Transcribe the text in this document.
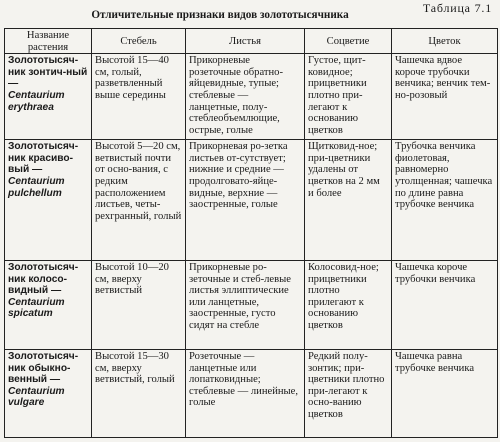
Таблица 7.1
Отличительные признаки видов золототысячника
Название растения	Стебель	Листья	Соцветие	Цветок

Золототысяч-ник зонтич-ный —
Centaurium erythraea	Высотой 15—40 см, голый, разветвленный выше середины	Прикорневые розеточные обратно-яйцевидные, тупые; стеблевые — ланцетные, полу-стеблеобъемлющие, острые, голые	Густое, щит-ковидное; прицветники плотно при-легают к основанию цветков	Чашечка вдвое короче трубочки венчика; венчик тем-но-розовый

Золототысяч-ник красиво-вый —
Centaurium pulchellum	Высотой 5—20 см, ветвистый почти от осно-вания, с редким расположением листьев, четы-рехгранный, голый	Прикорневая ро-зетка листьев от-сутствует; нижние и средние — продолговато-яйце-видные, верхние — заостренные, голые	Щитковид-ное; при-цветники удалены от цветков на 2 мм и более	Трубочка венчика фиолетовая, равномерно утолщенная; чашечка по длине равна трубочке венчика

Золототысяч-ник колосо-видный —
Centaurium spicatum	Высотой 10—20 см, вверху ветвистый	Прикорневые ро-зеточные и стеб-левые листья эллиптические или ланцетные, заостренные, густо сидят на стебле	Колосовид-ное; прицветники плотно прилегают к основанию цветков	Чашечка короче трубочки венчика

Золототысяч-ник обыкно-венный —
Centaurium vulgare	Высотой 15—30 см, вверху ветвистый, голый	Розеточные — ланцетные или лопатковидные; стеблевые — линейные, голые	Редкий полу-зонтик; при-цветники плотно при-легают к осно-ванию цветков	Чашечка равна трубочке венчика
